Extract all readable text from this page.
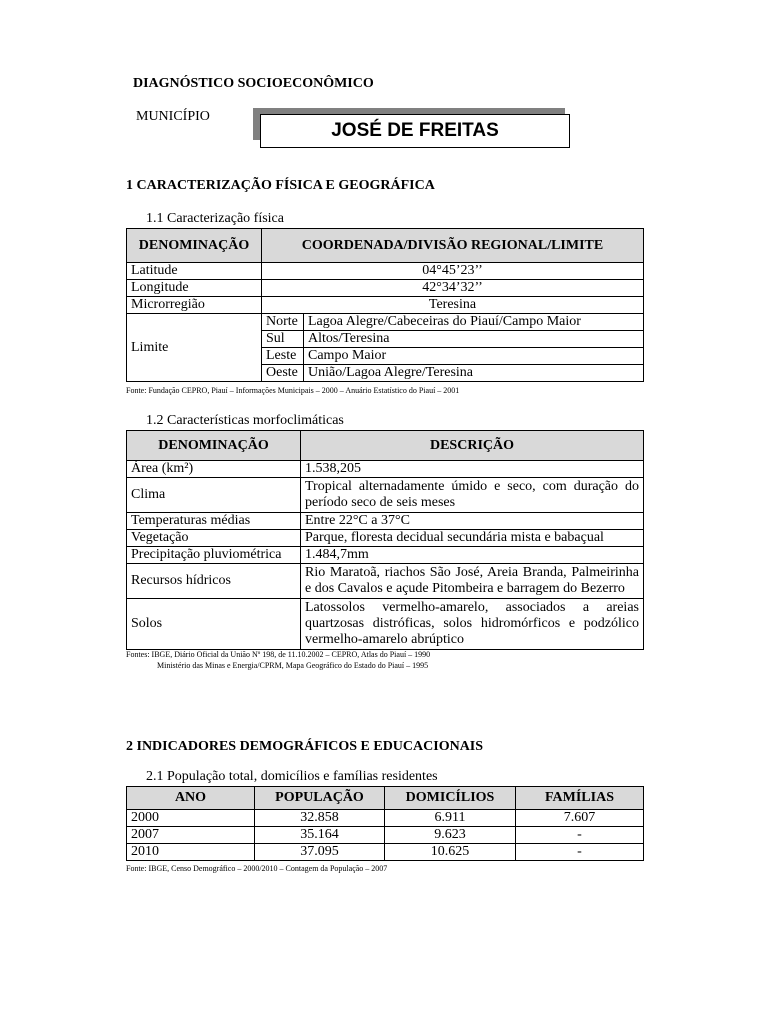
DIAGNÓSTICO SOCIOECONÔMICO
MUNICÍPIO
JOSÉ DE FREITAS
1 CARACTERIZAÇÃO FÍSICA E GEOGRÁFICA
1.1 Caracterização física
DENOMINAÇÃO	COORDENADA/DIVISÃO REGIONAL/LIMITE	
Latitude	04°45’23’’	
Longitude	42°34’32’’	
Microrregião	Teresina	
Limite	Norte	Lagoa Alegre/Cabeceiras do Piauí/Campo Maior
	Sul	Altos/Teresina
	Leste	Campo Maior
	Oeste	União/Lagoa Alegre/Teresina
Fonte: Fundação CEPRO, Piauí – Informações Municipais – 2000 – Anuário Estatístico do Piauí – 2001
1.2 Características morfoclimáticas
DENOMINAÇÃO	DESCRIÇÃO
Área (km²)	1.538,205
Clima	Tropical alternadamente úmido e seco, com duração do período seco de seis meses
Temperaturas médias	Entre 22°C a 37°C
Vegetação	Parque, floresta decidual secundária mista e babaçual
Precipitação pluviométrica	1.484,7mm
Recursos hídricos	Rio Maratoã, riachos São José, Areia Branda, Palmeirinha e dos Cavalos e açude Pitombeira e barragem do Bezerro
Solos	Latossolos vermelho-amarelo, associados a areias quartzosas distróficas, solos hidromórficos e podzólico vermelho-amarelo abrúptico
Fontes: IBGE, Diário Oficial da União Nº 198, de 11.10.2002 – CEPRO, Atlas do Piauí – 1990
Ministério das Minas e Energia/CPRM, Mapa Geográfico do Estado do Piauí – 1995
2 INDICADORES DEMOGRÁFICOS E EDUCACIONAIS
2.1 População total, domicílios e famílias residentes
ANO	POPULAÇÃO	DOMICÍLIOS	FAMÍLIAS
2000	32.858	6.911	7.607
2007	35.164	9.623	-
2010	37.095	10.625	-
Fonte: IBGE, Censo Demográfico – 2000/2010 – Contagem da População – 2007
